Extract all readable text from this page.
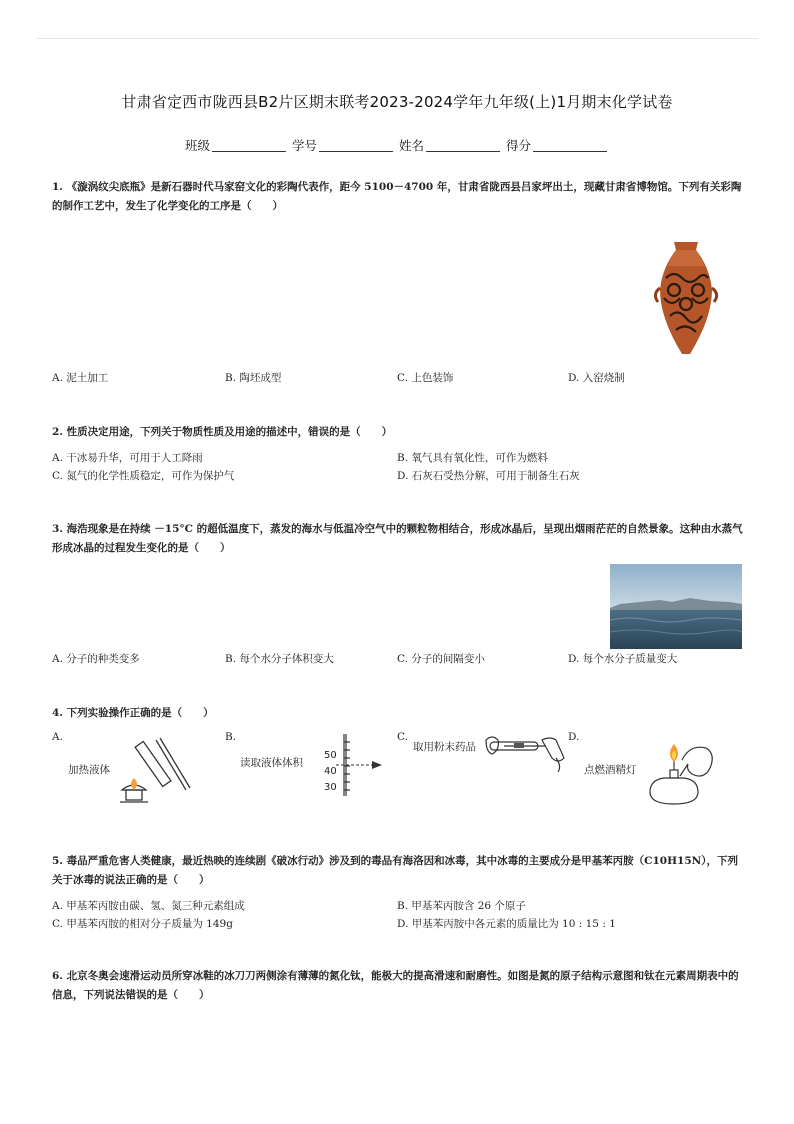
甘肃省定西市陇西县B2片区期末联考2023-2024学年九年级(上)1月期末化学试卷
班级	学号	姓名	得分
1. 《漩涡纹尖底瓶》是新石器时代马家窑文化的彩陶代表作，距今 5100－4700 年，甘肃省陇西县吕家坪出土，现藏甘肃省博物馆。下列有关彩陶的制作工艺中，发生了化学变化的工序是（　　）
A. 泥土加工	B. 陶坯成型	C. 上色装饰	D. 入窑烧制
2. 性质决定用途，下列关于物质性质及用途的描述中，错误的是（　　）
A. 干冰易升华，可用于人工降雨	B. 氧气具有氧化性，可作为燃料
C. 氮气的化学性质稳定，可作为保护气	D. 石灰石受热分解，可用于制备生石灰
3. 海浩现象是在持续 －15°C 的超低温度下，蒸发的海水与低温冷空气中的颗粒物相结合，形成冰晶后，呈现出烟雨茫茫的自然景象。这种由水蒸气形成冰晶的过程发生变化的是（　　）
A. 分子的种类变多	B. 每个水分子体积变大	C. 分子的间隔变小	D. 每个水分子质量变大
4. 下列实验操作正确的是（　　）
A.
加热液体
B.
读取液体体积
50
40
30
C.
取用粉末药品
D.
点燃酒精灯
5. 毒品严重危害人类健康，最近热映的连续剧《破冰行动》涉及到的毒品有海洛因和冰毒，其中冰毒的主要成分是甲基苯丙胺（C10H15N），下列关于冰毒的说法正确的是（　　）
A. 甲基苯丙胺由碳、氢、氮三种元素组成	B. 甲基苯丙胺含 26 个原子
C. 甲基苯丙胺的相对分子质量为 149g	D. 甲基苯丙胺中各元素的质量比为 10 : 15 : 1
6. 北京冬奥会速滑运动员所穿冰鞋的冰刀刀两侧涂有薄薄的氮化钛，能极大的提高滑速和耐磨性。如图是氮的原子结构示意图和钛在元素周期表中的信息，下列说法错误的是（　　）
